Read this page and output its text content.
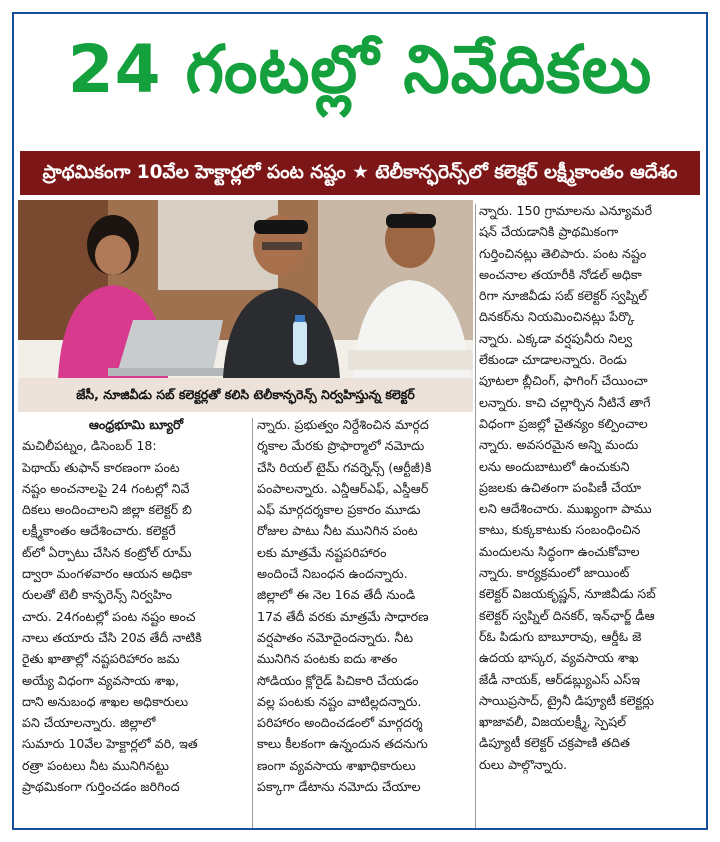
24 గంటల్లో నివేదికలు
ప్రాథమికంగా 10వేల హెక్టార్లలో పంట నష్టం ★ టెలీకాన్ఫరెన్స్‌లో కలెక్టర్ లక్ష్మీకాంతం ఆదేశం
జేసీ, నూజివీడు సబ్ కలెక్టర్లతో కలిసి టెలీకాన్ఫరెన్స్ నిర్వహిస్తున్న కలెక్టర్
ఆంధ్రభూమి బ్యూరో
మచిలీపట్నం, డిసెంబర్ 18:
పెథాయ్ తుఫాన్ కారణంగా పంట
నష్టం అంచనాలపై 24 గంటల్లో నివే
దికలు అందించాలని జిల్లా కలెక్టర్ బి
లక్ష్మీకాంతం ఆదేశించారు. కలెక్టరే
ట్‌లో ఏర్పాటు చేసిన కంట్రోల్ రూమ్
ద్వారా మంగళవారం ఆయన అధికా
రులతో టెలీ కాన్ఫరెన్స్ నిర్వహిం
చారు. 24గంటల్లో పంట నష్టం అంచ
నాలు తయారు చేసి 20వ తేదీ నాటికి
రైతు ఖాతాల్లో నష్టపరిహారం జమ
అయ్యే విధంగా వ్యవసాయ శాఖ,
దాని అనుబంధ శాఖల అధికారులు
పని చేయాలన్నారు. జిల్లాలో
సుమారు 10వేల హెక్టార్లలో వరి, ఇత
రత్రా పంటలు నీట మునిగినట్టు
ప్రాథమికంగా గుర్తించడం జరిగింద
న్నారు. ప్రభుత్వం నిర్దేశించిన మార్గద
ర్శకాల మేరకు ప్రొఫార్మాలో నమోదు
చేసి రియల్ టైమ్ గవర్నెన్స్ (ఆర్టీజీ)కి
పంపాలన్నారు. ఎన్డీఆర్ఎఫ్, ఎస్డీఆర్
ఎఫ్ మార్గదర్శకాల ప్రకారం మూడు
రోజుల పాటు నీట మునిగిన పంట
లకు మాత్రమే నష్టపరిహారం
అందించే నిబంధన ఉందన్నారు.
జిల్లాలో ఈ నెల 16వ తేదీ నుండి
17వ తేదీ వరకు మాత్రమే సాధారణ
వర్షపాతం నమోదైందన్నారు. నీట
మునిగిన పంటకు ఐదు శాతం
సోడియం క్లోరైడ్ పిచికారి చేయడం
వల్ల పంటకు నష్టం వాటిల్లదన్నారు.
పరిహారం అందించడంలో మార్గదర్శ
కాలు కీలకంగా ఉన్నందున తదనుగు
ణంగా వ్యవసాయ శాఖాధికారులు
పక్కాగా డేటాను నమోదు చేయాల
న్నారు. 150 గ్రామాలను ఎన్యూమరే
షన్ చేయడానికి ప్రాథమికంగా
గుర్తించినట్లు తెలిపారు. పంట నష్టం
అంచనాల తయారీకి నోడల్ అధికా
రిగా నూజివీడు సబ్ కలెక్టర్ స్వప్నిల్
దినకర్‌ను నియమించినట్లు పేర్కొ
న్నారు. ఎక్కడా వర్షపునీరు నిల్వ
లేకుండా చూడాలన్నారు. రెండు
పూటలా బ్లీచింగ్, ఫాగింగ్ చేయించా
లన్నారు. కాచి చల్లార్చిన నీటినే తాగే
విధంగా ప్రజల్లో చైతన్యం కల్పించాల
న్నారు. అవసరమైన అన్ని మందు
లను అందుబాటులో ఉంచుకుని
ప్రజలకు ఉచితంగా పంపిణీ చేయా
లని ఆదేశించారు. ముఖ్యంగా పాము
కాటు, కుక్కకాటుకు సంబంధించిన
మందులను సిద్ధంగా ఉంచుకోవాల
న్నారు. కార్యక్రమంలో జాయింట్
కలెక్టర్ విజయకృష్ణన్, నూజివీడు సబ్
కలెక్టర్ స్వప్నిల్ దినకర్, ఇన్‌ఛార్జ్ డీఆ
ర్‌ఓ పిడుగు బాబూరావు, ఆర్డీఓ జె
ఉదయ భాస్కర, వ్యవసాయ శాఖ
జేడీ నాయక్, ఆర్‌డబ్ల్యుఎస్ ఎస్‌ఇ
సాయిప్రసాద్, ట్రైనీ డిప్యూటీ కలెక్టర్లు
ఖాజావలీ, విజయలక్ష్మీ, స్పెషల్
డిప్యూటీ కలెక్టర్ చక్రపాణి తదిత
రులు పాల్గొన్నారు.
